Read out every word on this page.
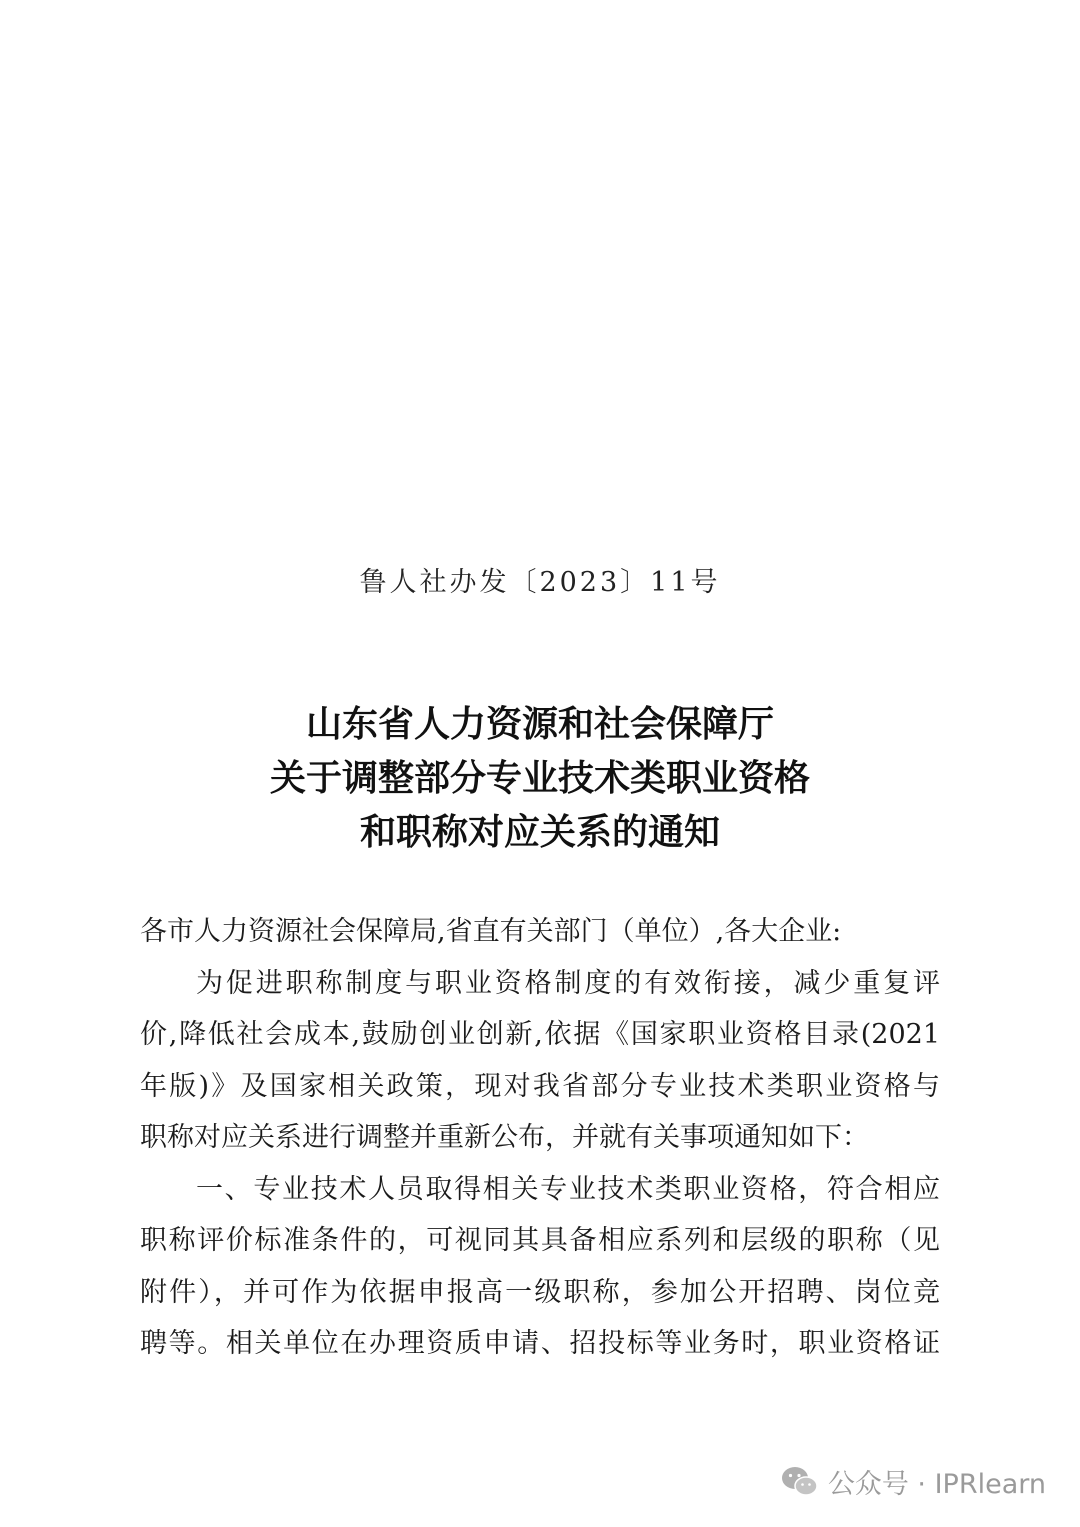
鲁人社办发〔2023〕11号
山东省人力资源和社会保障厅
关于调整部分专业技术类职业资格
和职称对应关系的通知
各市人力资源社会保障局,省直有关部门（单位）,各大企业:
为促进职称制度与职业资格制度的有效衔接，减少重复评
价,降低社会成本,鼓励创业创新,依据《国家职业资格目录(2021
年版)》及国家相关政策，现对我省部分专业技术类职业资格与
职称对应关系进行调整并重新公布，并就有关事项通知如下：
一、专业技术人员取得相关专业技术类职业资格，符合相应
职称评价标准条件的，可视同其具备相应系列和层级的职称（见
附件），并可作为依据申报高一级职称，参加公开招聘、岗位竞
聘等。相关单位在办理资质申请、招投标等业务时，职业资格证
公众号 · IPRlearn
